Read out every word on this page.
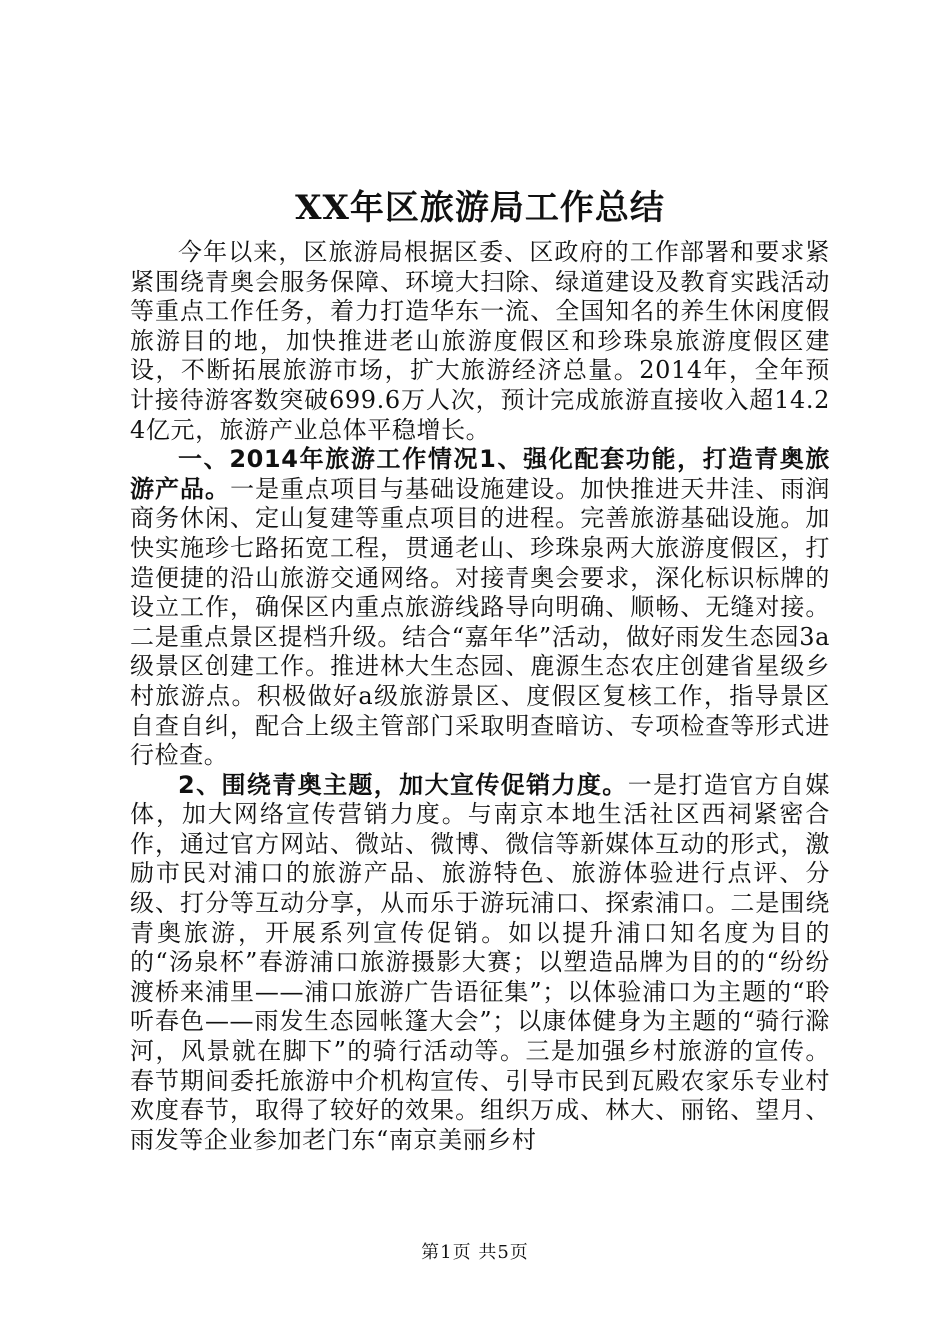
XX年区旅游局工作总结

今年以来，区旅游局根据区委、区政府的工作部署和要求紧紧围绕青奥会服务保障、环境大扫除、绿道建设及教育实践活动等重点工作任务，着力打造华东一流、全国知名的养生休闲度假旅游目的地，加快推进老山旅游度假区和珍珠泉旅游度假区建设，不断拓展旅游市场，扩大旅游经济总量。2014年，全年预计接待游客数突破699.6万人次，预计完成旅游直接收入超14.24亿元，旅游产业总体平稳增长。

一、2014年旅游工作情况1、强化配套功能，打造青奥旅游产品。一是重点项目与基础设施建设。加快推进天井洼、雨润商务休闲、定山复建等重点项目的进程。完善旅游基础设施。加快实施珍七路拓宽工程，贯通老山、珍珠泉两大旅游度假区，打造便捷的沿山旅游交通网络。对接青奥会要求，深化标识标牌的设立工作，确保区内重点旅游线路导向明确、顺畅、无缝对接。二是重点景区提档升级。结合“嘉年华”活动，做好雨发生态园3a级景区创建工作。推进林大生态园、鹿源生态农庄创建省星级乡村旅游点。积极做好a级旅游景区、度假区复核工作，指导景区自查自纠，配合上级主管部门采取明查暗访、专项检查等形式进行检查。

2、围绕青奥主题，加大宣传促销力度。一是打造官方自媒体，加大网络宣传营销力度。与南京本地生活社区西祠紧密合作，通过官方网站、微站、微博、微信等新媒体互动的形式，激励市民对浦口的旅游产品、旅游特色、旅游体验进行点评、分级、打分等互动分享，从而乐于游玩浦口、探索浦口。二是围绕青奥旅游，开展系列宣传促销。如以提升浦口知名度为目的的“汤泉杯”春游浦口旅游摄影大赛；以塑造品牌为目的的“纷纷渡桥来浦里——浦口旅游广告语征集”；以体验浦口为主题的“聆听春色——雨发生态园帐篷大会”；以康体健身为主题的“骑行滁河，风景就在脚下”的骑行活动等。三是加强乡村旅游的宣传。春节期间委托旅游中介机构宣传、引导市民到瓦殿农家乐专业村欢度春节，取得了较好的效果。组织万成、林大、丽铭、望月、雨发等企业参加老门东“南京美丽乡村

第1页 共5页
